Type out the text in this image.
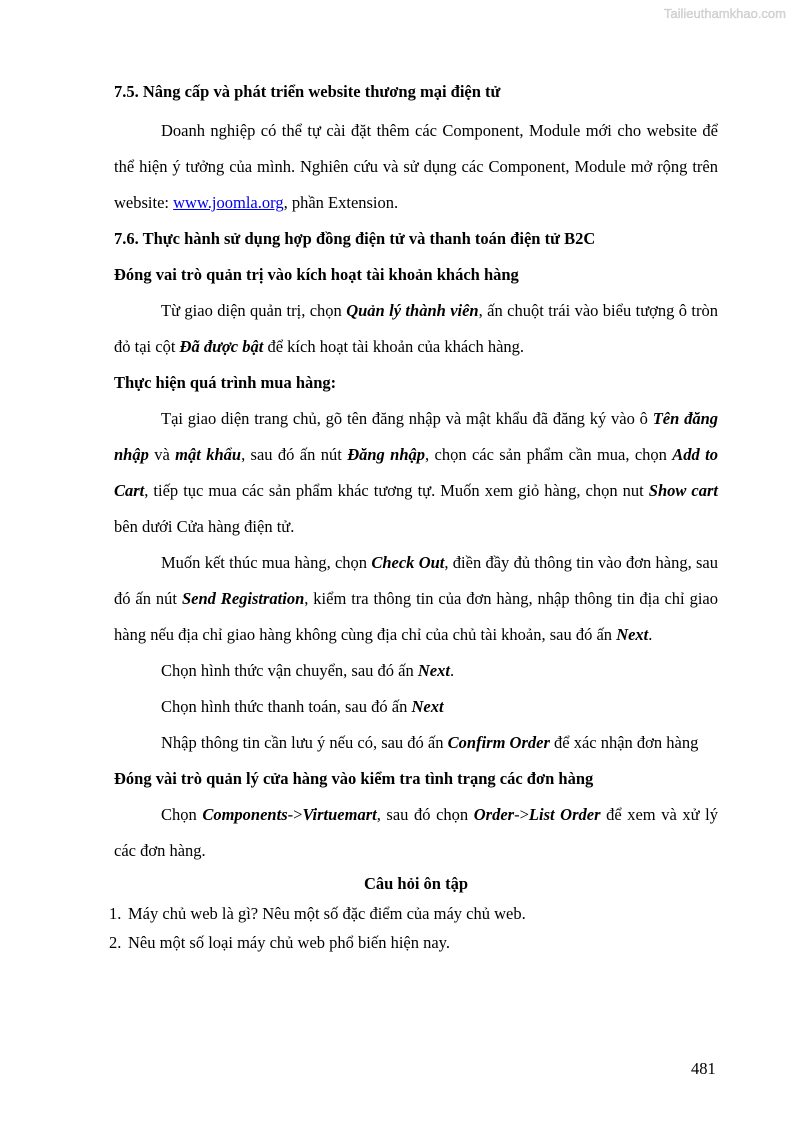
Tailieuthamkhao.com

7.5. Nâng cấp và phát triển website thương mại điện tử

Doanh nghiệp có thể tự cài đặt thêm các Component, Module mới cho website để thể hiện ý tưởng của mình. Nghiên cứu và sử dụng các Component, Module mở rộng trên website: www.joomla.org, phần Extension.

7.6. Thực hành sử dụng hợp đồng điện tử và thanh toán điện tử B2C

Đóng vai trò quản trị vào kích hoạt tài khoản khách hàng

Từ giao diện quản trị, chọn Quản lý thành viên, ấn chuột trái vào biểu tượng ô tròn đỏ tại cột Đã được bật để kích hoạt tài khoản của khách hàng.

Thực hiện quá trình mua hàng:

Tại giao diện trang chủ, gõ tên đăng nhập và mật khẩu đã đăng ký vào ô Tên đăng nhập và mật khẩu, sau đó ấn nút Đăng nhập, chọn các sản phẩm cần mua, chọn Add to Cart, tiếp tục mua các sản phẩm khác tương tự. Muốn xem giỏ hàng, chọn nut Show cart bên dưới Cửa hàng điện tử.

Muốn kết thúc mua hàng, chọn Check Out, điền đầy đủ thông tin vào đơn hàng, sau đó ấn nút Send Registration, kiểm tra thông tin của đơn hàng, nhập thông tin địa chỉ giao hàng nếu địa chỉ giao hàng không cùng địa chỉ của chủ tài khoản, sau đó ấn Next.

Chọn hình thức vận chuyển, sau đó ấn Next.

Chọn hình thức thanh toán, sau đó ấn Next

Nhập thông tin cần lưu ý nếu có, sau đó ấn Confirm Order để xác nhận đơn hàng

Đóng vài trò quản lý cửa hàng vào kiểm tra tình trạng các đơn hàng

Chọn Components->Virtuemart, sau đó chọn Order->List Order để xem và xử lý các đơn hàng.

Câu hỏi ôn tập

1. Máy chủ web là gì? Nêu một số đặc điểm của máy chủ web.
2. Nêu một số loại máy chủ web phổ biến hiện nay.
481
